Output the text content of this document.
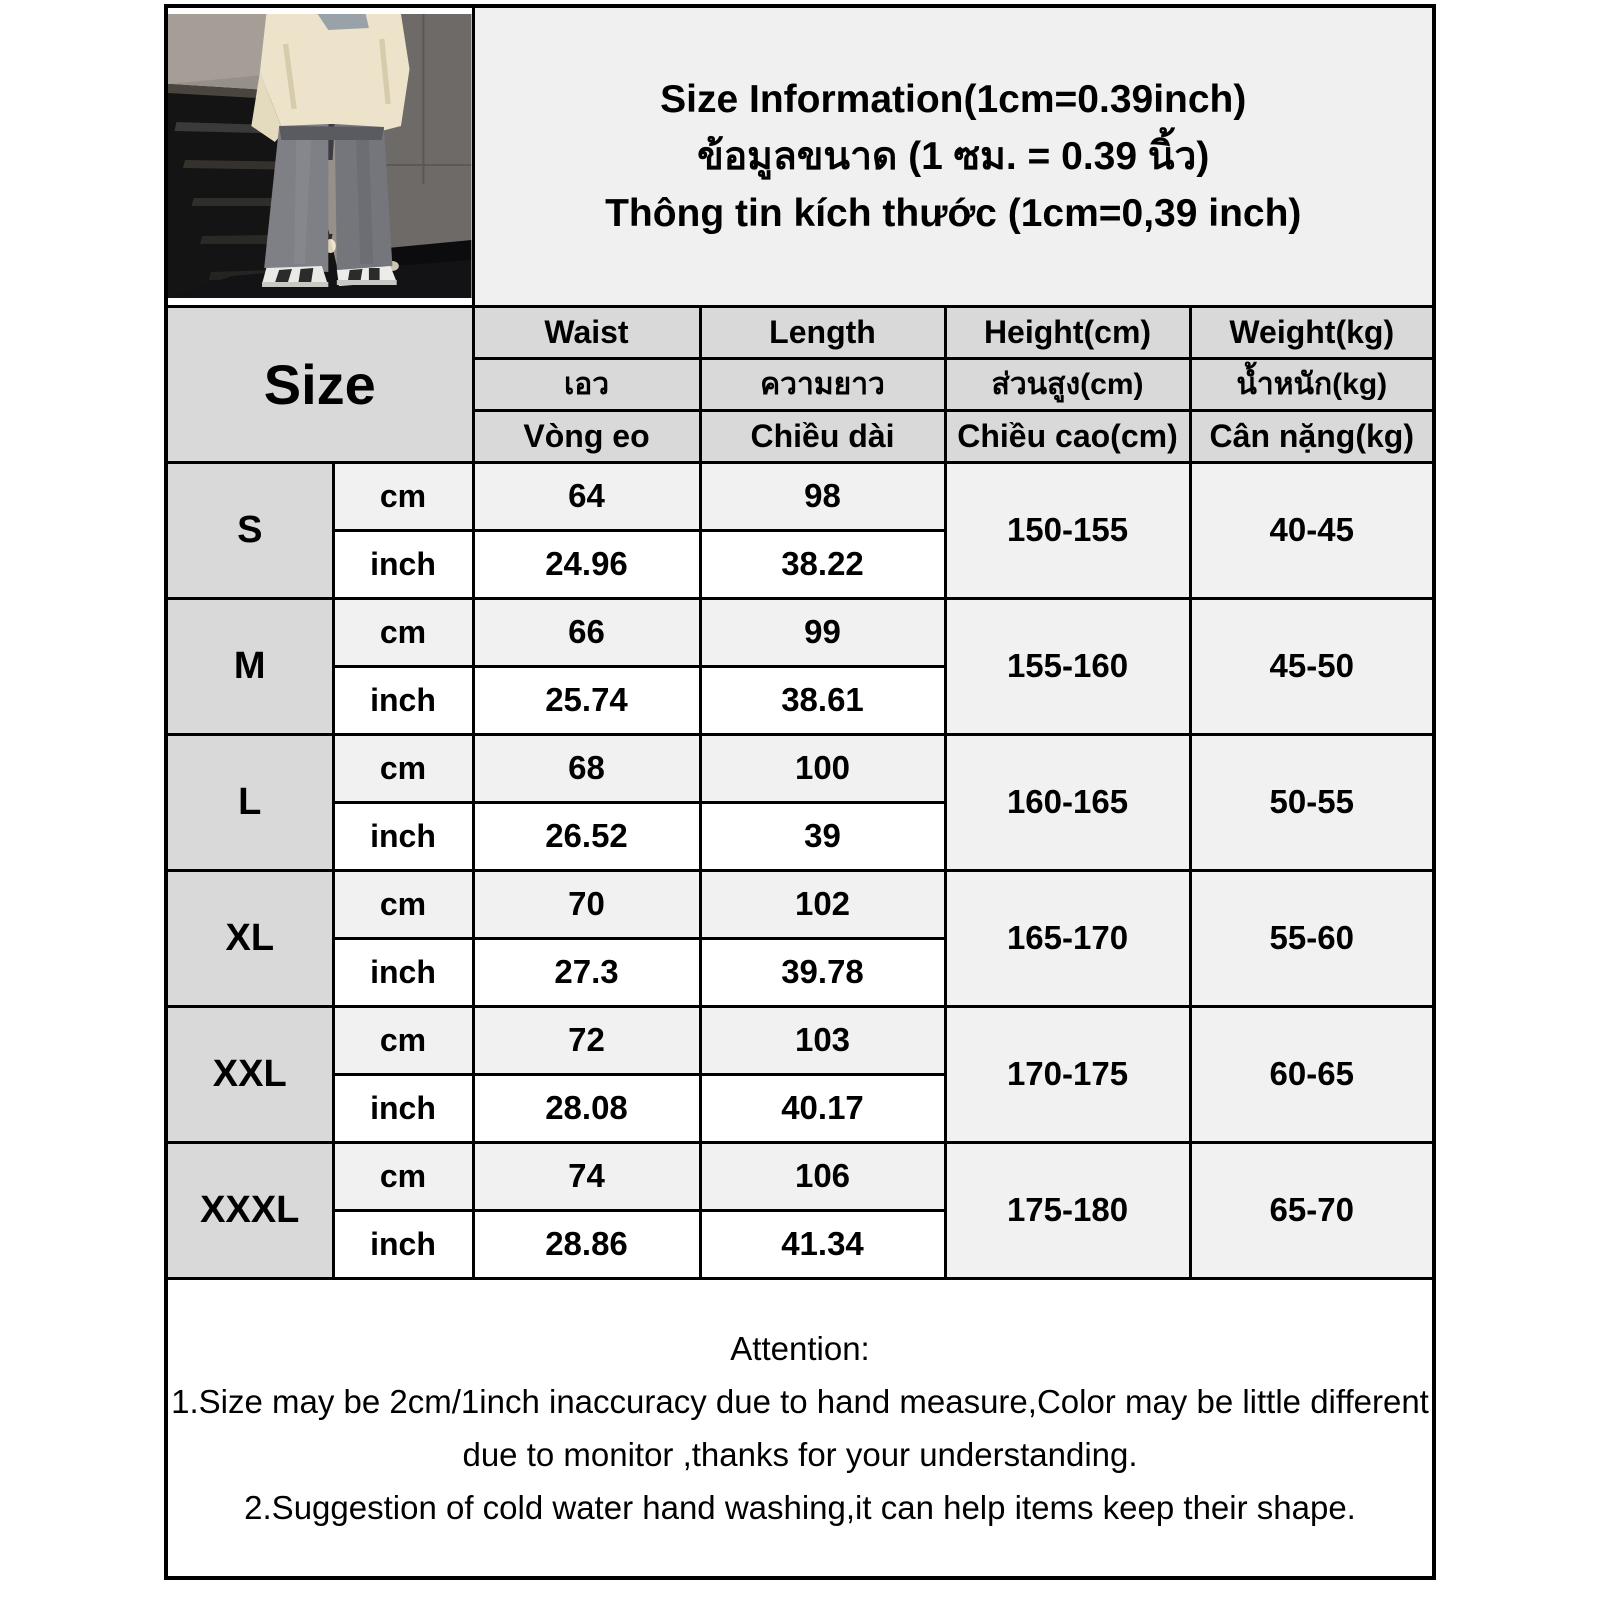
Size Information(1cm=0.39inch)
ข้อมูลขนาด (1 ซม. = 0.39 นิ้ว)
Thông tin kích thước (1cm=0,39 inch)			

Size		Waist	Length	Height(cm)	Weight(kg)
		เอว	ความยาว	ส่วนสูง(cm)	น้ำหนัก(kg)
		Vòng eo	Chiều dài	Chiều cao(cm)	Cân nặng(kg)
S	cm	64	98	150-155	40-45
	inch	24.96	38.22		
M	cm	66	99	155-160	45-50
	inch	25.74	38.61		
L	cm	68	100	160-165	50-55
	inch	26.52	39		
XL	cm	70	102	165-170	55-60
	inch	27.3	39.78		
XXL	cm	72	103	170-175	60-65
	inch	28.08	40.17		
XXXL	cm	74	106	175-180	65-70
	inch	28.86	41.34		

Attention:
1.Size may be 2cm/1inch inaccuracy due to hand measure,Color may be little different due to monitor ,thanks for your understanding.
2.Suggestion of cold water hand washing,it can help items keep their shape.					
